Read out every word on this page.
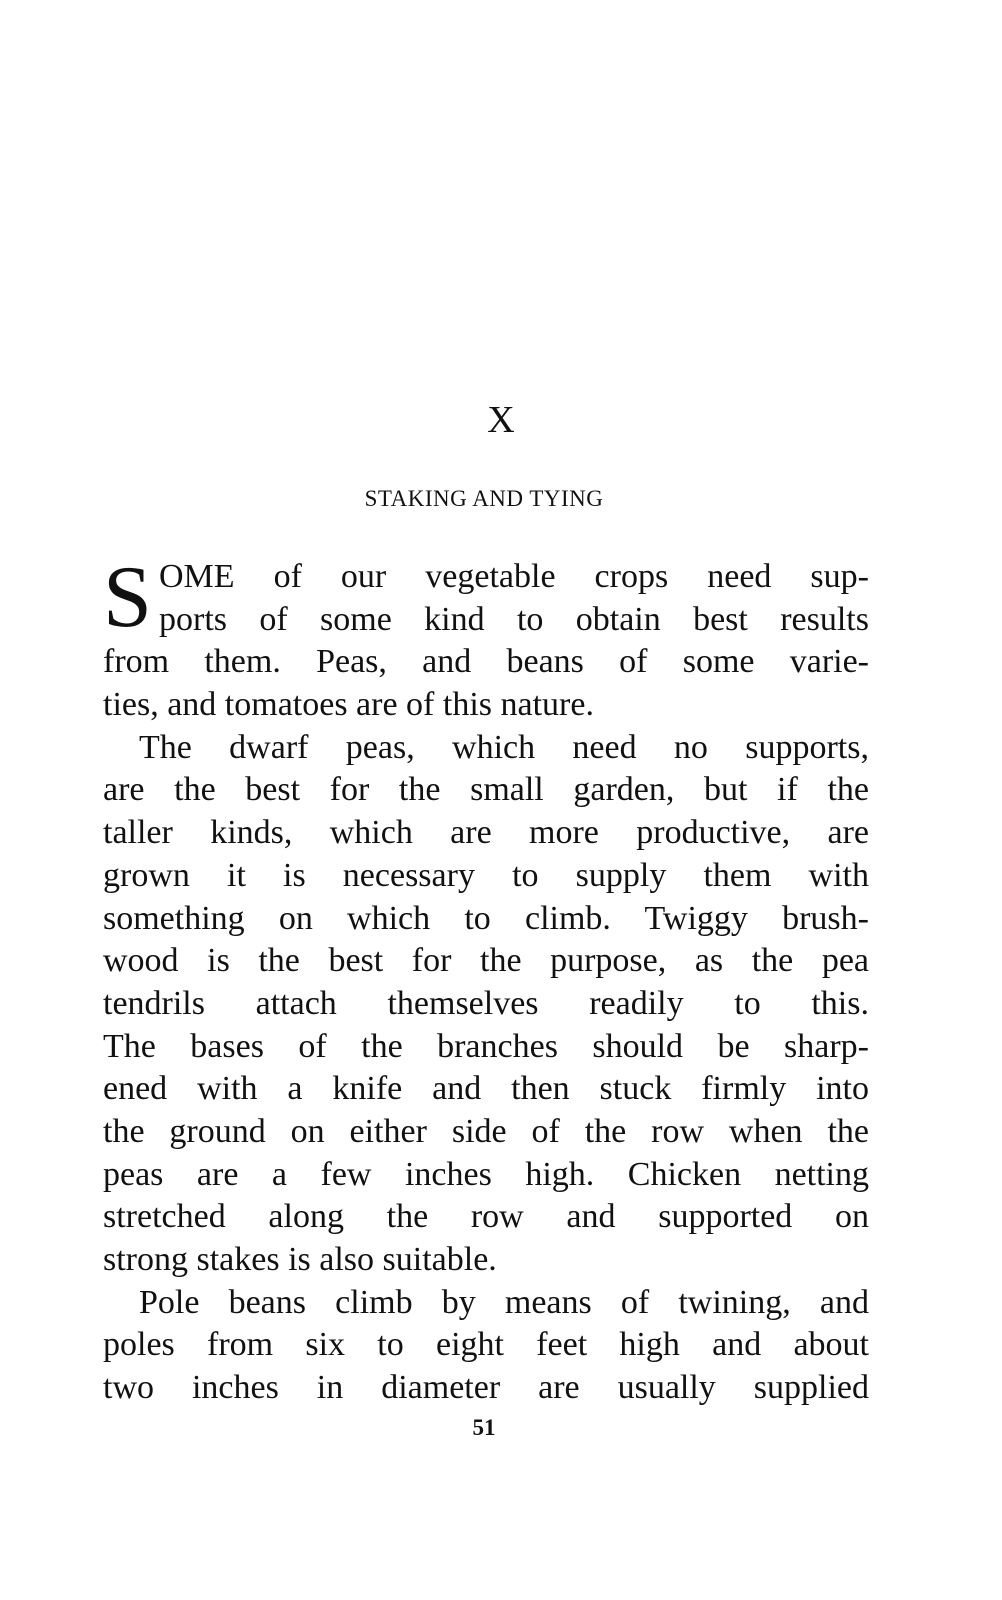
X
STAKING AND TYING
S OME of our vegetable crops need sup-
ports of some kind to obtain best results
from them. Peas, and beans of some varie-
ties, and tomatoes are of this nature.
The dwarf peas, which need no supports,
are the best for the small garden, but if the
taller kinds, which are more productive, are
grown it is necessary to supply them with
something on which to climb. Twiggy brush-
wood is the best for the purpose, as the pea
tendrils attach themselves readily to this.
The bases of the branches should be sharp-
ened with a knife and then stuck firmly into
the ground on either side of the row when the
peas are a few inches high. Chicken netting
stretched along the row and supported on
strong stakes is also suitable.
Pole beans climb by means of twining, and
poles from six to eight feet high and about
two inches in diameter are usually supplied
51
